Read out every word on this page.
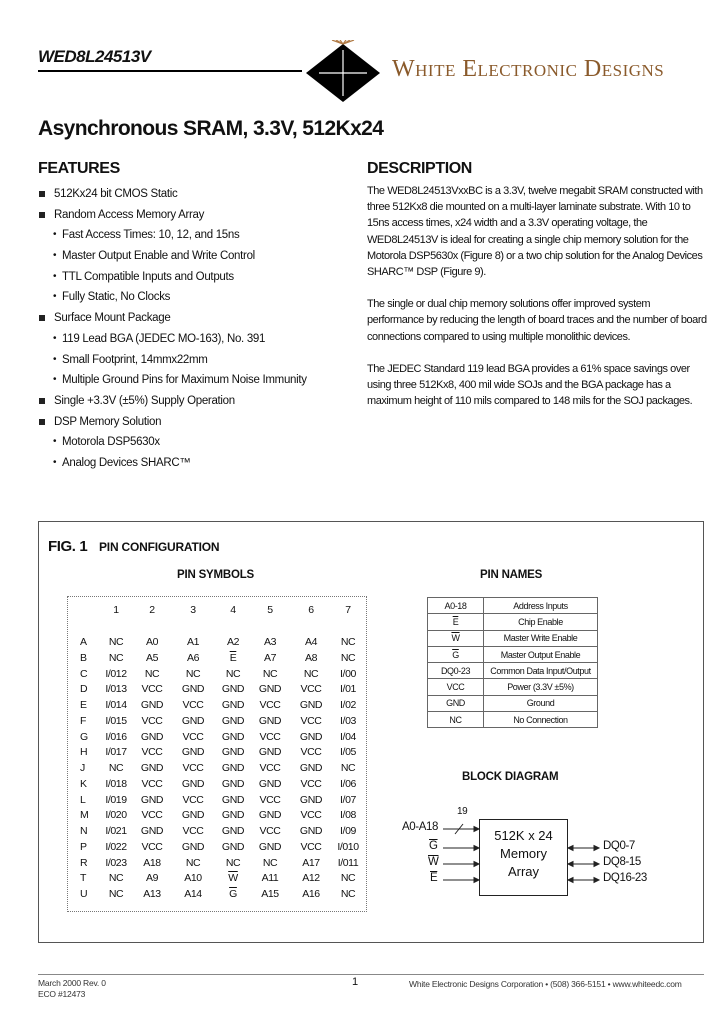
WED8L24513V	White Electronic Designs
Asynchronous SRAM, 3.3V, 512Kx24
FEATURES
512Kx24 bit CMOS Static
Random Access Memory Array
• Fast Access Times: 10, 12, and 15ns
• Master Output Enable and Write Control
• TTL Compatible Inputs and Outputs
• Fully Static, No Clocks
Surface Mount Package
• 119 Lead BGA (JEDEC MO-163), No. 391
• Small Footprint, 14mmx22mm
• Multiple Ground Pins for Maximum Noise Immunity
Single +3.3V (±5%) Supply Operation
DSP Memory Solution
• Motorola DSP5630x
• Analog Devices SHARC™
DESCRIPTION

The WED8L24513VxxBC is a 3.3V, twelve megabit SRAM constructed with three 512Kx8 die mounted on a multi-layer laminate substrate. With 10 to 15ns access times, x24 width and a 3.3V operating voltage, the WED8L24513V is ideal for creating a single chip memory solution for the Motorola DSP5630x (Figure 8) or a two chip solution for the Analog Devices SHARC™ DSP (Figure 9).

The single or dual chip memory solutions offer improved system performance by reducing the length of board traces and the number of board connections compared to using multiple monolithic devices.

The JEDEC Standard 119 lead BGA provides a 61% space savings over using three 512Kx8, 400 mil wide SOJs and the BGA package has a maximum height of 110 mils compared to 148 mils for the SOJ packages.

FIG. 1 PIN CONFIGURATION
PIN SYMBOLS	PIN NAMES
1	2	3	4	5	6	7
A	NC	A0	A1	A2	A3	A4	NC
B	NC	A5	A6	$\overline{E}$	A7	A8	NC
C	I/012	NC	NC	NC	NC	NC	I/00
D	I/013	VCC	GND	GND	GND	VCC	I/01
E	I/014	GND	VCC	GND	VCC	GND	I/02
F	I/015	VCC	GND	GND	GND	VCC	I/03
G	I/016	GND	VCC	GND	VCC	GND	I/04
H	I/017	VCC	GND	GND	GND	VCC	I/05
J	NC	GND	VCC	GND	VCC	GND	NC
K	I/018	VCC	GND	GND	GND	VCC	I/06
L	I/019	GND	VCC	GND	VCC	GND	I/07
M	I/020	VCC	GND	GND	GND	VCC	I/08
N	I/021	GND	VCC	GND	VCC	GND	I/09
P	I/022	VCC	GND	GND	GND	VCC	I/010
R	I/023	A18	NC	NC	NC	A17	I/011
T	NC	A9	A10	$\overline{W}$	A11	A12	NC
U	NC	A13	A14	$\overline{G}$	A15	A16	NC
A0-18	Address Inputs
$\overline{E}$	Chip Enable
$\overline{W}$	Master Write Enable
$\overline{G}$	Master Output Enable
DQ0-23	Common Data Input/Output
VCC	Power (3.3V ±5%)
GND	Ground
NC	No Connection
BLOCK DIAGRAM
19
512K x 24
Memory
Array
A0-A18
$\overline{G}$
$\overline{W}$
$\overline{E}$
DQ0-7
DQ8-15
DQ16-23
March 2000 Rev. 0
ECO #12473
1	White Electronic Designs Corporation • (508) 366-5151 • www.whiteedc.com
